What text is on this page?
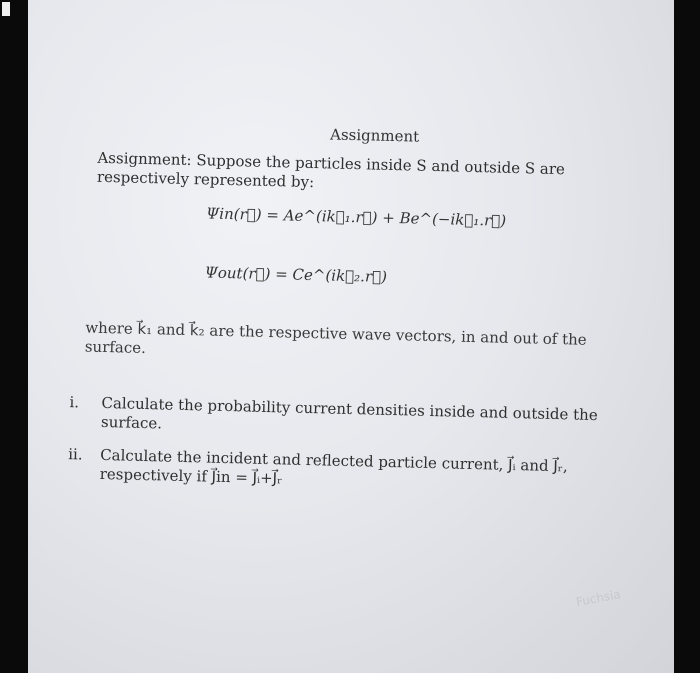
Assignment
Assignment: Suppose the particles inside S and outside S are respectively represented by:
Ψin(r⃗) = Ae^(ik⃗₁.r⃗) + Be^(−ik⃗₁.r⃗)
Ψout(r⃗) = Ce^(ik⃗₂.r⃗)
where k⃗₁ and k⃗₂ are the respective wave vectors, in and out of the surface.
i. Calculate the probability current densities inside and outside the surface.
ii. Calculate the incident and reflected particle current, J⃗ᵢ and J⃗ᵣ, respectively if J⃗in = J⃗ᵢ+J⃗ᵣ
Fuchsia
